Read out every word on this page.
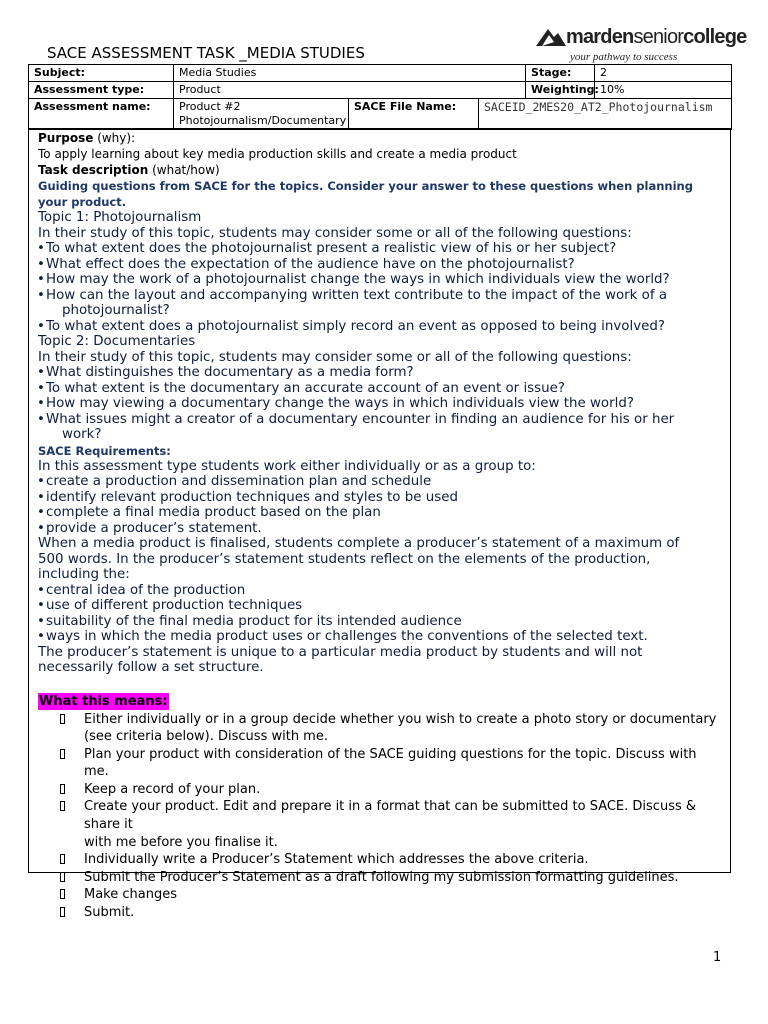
SACE ASSESSMENT TASK _MEDIA STUDIES
mardenseniorcollege
your pathway to success
Subject:	Media Studies			Stage:	2
Assessment type:	Product			Weighting:	10%
Assessment name:	Product #2
Photojournalism/Documentary	SACE File Name:	SACEID_2MES20_AT2_Photojournalism		
Purpose (why):
To apply learning about key media production skills and create a media product
Task description (what/how)
Guiding questions from SACE for the topics. Consider your answer to these questions when planning your product.
Topic 1: Photojournalism
In their study of this topic, students may consider some or all of the following questions:
• To what extent does the photojournalist present a realistic view of his or her subject?
• What effect does the expectation of the audience have on the photojournalist?
• How may the work of a photojournalist change the ways in which individuals view the world?
• How can the layout and accompanying written text contribute to the impact of the work of a
photojournalist?
• To what extent does a photojournalist simply record an event as opposed to being involved?
Topic 2: Documentaries
In their study of this topic, students may consider some or all of the following questions:
• What distinguishes the documentary as a media form?
• To what extent is the documentary an accurate account of an event or issue?
• How may viewing a documentary change the ways in which individuals view the world?
• What issues might a creator of a documentary encounter in finding an audience for his or her
work?
SACE Requirements:
In this assessment type students work either individually or as a group to:
• create a production and dissemination plan and schedule
• identify relevant production techniques and styles to be used
• complete a final media product based on the plan
• provide a producer’s statement.
When a media product is finalised, students complete a producer’s statement of a maximum of
500 words. In the producer’s statement students reflect on the elements of the production,
including the:
• central idea of the production
• use of different production techniques
• suitability of the final media product for its intended audience
• ways in which the media product uses or challenges the conventions of the selected text.
The producer’s statement is unique to a particular media product by students and will not
necessarily follow a set structure.
What this means:
Either individually or in a group decide whether you wish to create a photo story or documentary
(see criteria below). Discuss with me.
Plan your product with consideration of the SACE guiding questions for the topic. Discuss with me.
Keep a record of your plan.
Create your product. Edit and prepare it in a format that can be submitted to SACE. Discuss & share it
with me before you finalise it.
Individually write a Producer’s Statement which addresses the above criteria.
Submit the Producer’s Statement as a draft following my submission formatting guidelines.
Make changes
Submit.
1
